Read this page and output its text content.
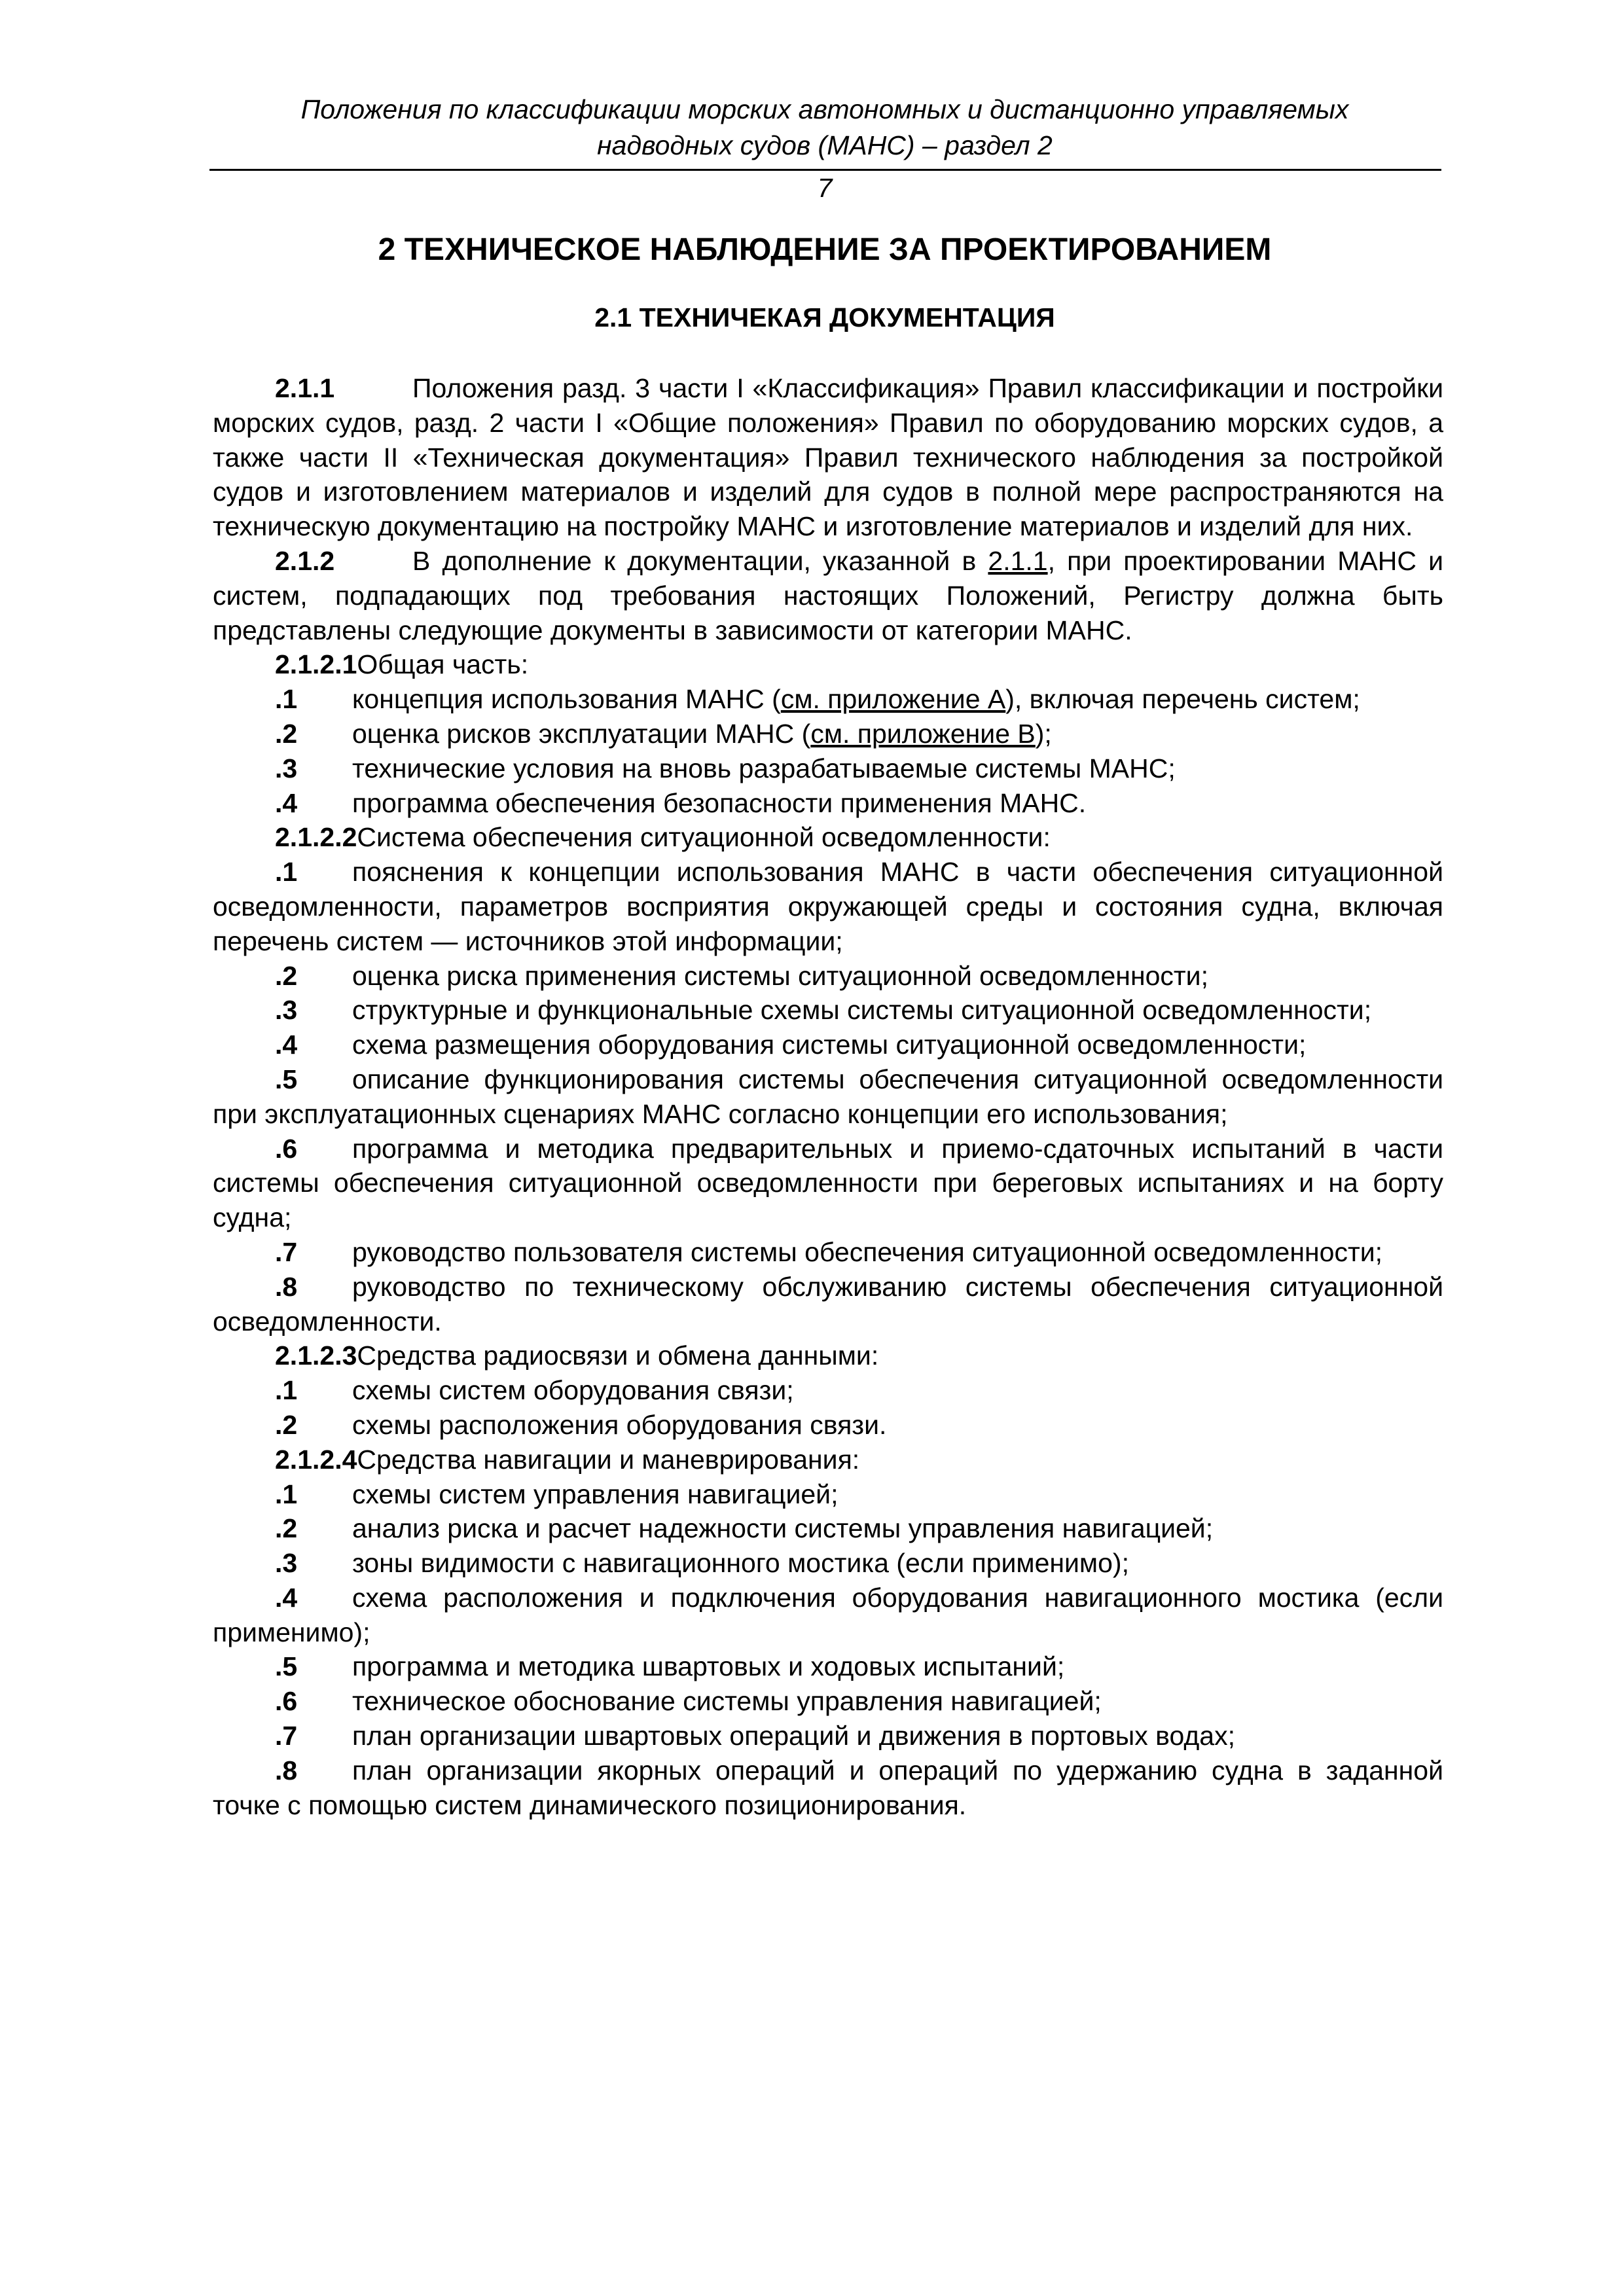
Положения по классификации морских автономных и дистанционно управляемых
надводных судов (МАНС) – раздел 2
7
2 ТЕХНИЧЕСКОЕ НАБЛЮДЕНИЕ ЗА ПРОЕКТИРОВАНИЕМ
2.1 ТЕХНИЧЕКАЯ ДОКУМЕНТАЦИЯ

2.1.1	Положения разд. 3 части I «Классификация» Правил классификации и постройки морских судов, разд. 2 части I «Общие положения» Правил по оборудованию морских судов, а также части II «Техническая документация» Правил технического наблюдения за постройкой судов и изготовлением материалов и изделий для судов в полной мере распространяются на техническую документацию на постройку МАНС и изготовление материалов и изделий для них.

2.1.2	В дополнение к документации, указанной в 2.1.1, при проектировании МАНС и систем, подпадающих под требования настоящих Положений, Регистру должна быть представлены следующие документы в зависимости от категории МАНС.

2.1.2.1Общая часть:

.1 концепция использования МАНС (см. приложение А), включая перечень систем;

.2 оценка рисков эксплуатации МАНС (см. приложение В);

.3 технические условия на вновь разрабатываемые системы МАНС;

.4 программа обеспечения безопасности применения МАНС.

2.1.2.2Система обеспечения ситуационной осведомленности:

.1 пояснения к концепции использования МАНС в части обеспечения ситуационной осведомленности, параметров восприятия окружающей среды и состояния судна, включая перечень систем — источников этой информации;

.2 оценка риска применения системы ситуационной осведомленности;

.3 структурные и функциональные схемы системы ситуационной осведомленности;

.4 схема размещения оборудования системы ситуационной осведомленности;

.5 описание функционирования системы обеспечения ситуационной осведомленности при эксплуатационных сценариях МАНС согласно концепции его использования;

.6 программа и методика предварительных и приемо-сдаточных испытаний в части системы обеспечения ситуационной осведомленности при береговых испытаниях и на борту судна;

.7 руководство пользователя системы обеспечения ситуационной осведомленности;

.8 руководство по техническому обслуживанию системы обеспечения ситуационной осведомленности.

2.1.2.3Средства радиосвязи и обмена данными:

.1 схемы систем оборудования связи;

.2 схемы расположения оборудования связи.

2.1.2.4Средства навигации и маневрирования:

.1 схемы систем управления навигацией;

.2 анализ риска и расчет надежности системы управления навигацией;

.3 зоны видимости с навигационного мостика (если применимо);

.4 схема расположения и подключения оборудования навигационного мостика (если применимо);

.5 программа и методика швартовых и ходовых испытаний;

.6 техническое обоснование системы управления навигацией;

.7 план организации швартовых операций и движения в портовых водах;

.8 план организации якорных операций и операций по удержанию судна в заданной точке с помощью систем динамического позиционирования.
